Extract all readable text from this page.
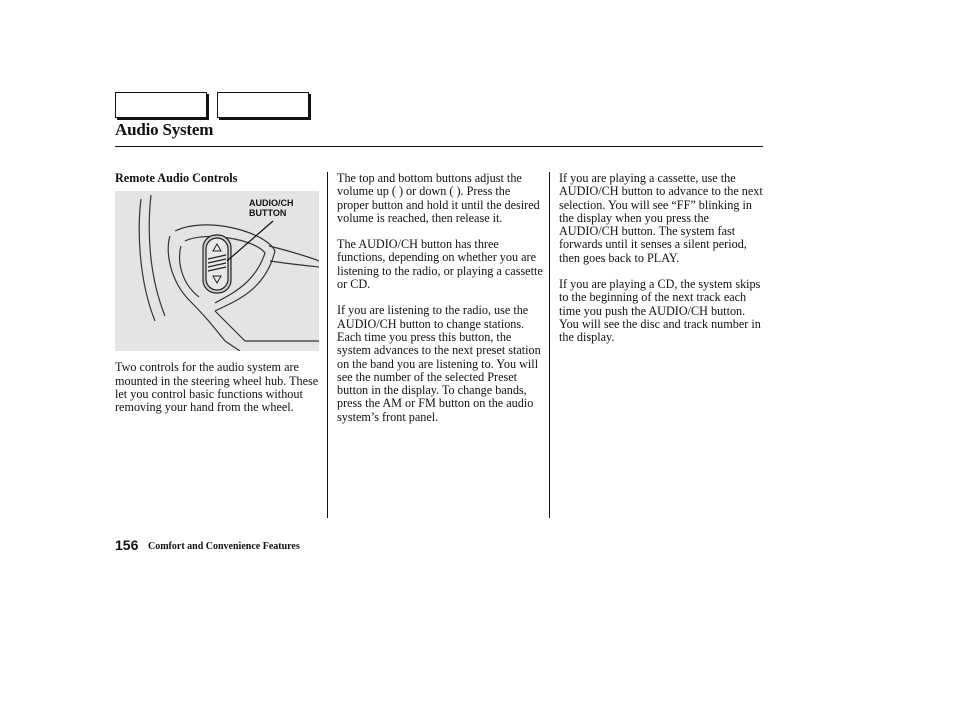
Audio System
Remote Audio Controls
AUDIO/CH
BUTTON

Two controls for the audio system are mounted in the steering wheel hub. These let you control basic functions without removing your hand from the wheel.

The top and bottom buttons adjust the volume up ( ) or down ( ). Press the proper button and hold it until the desired volume is reached, then release it.

The AUDIO/CH button has three functions, depending on whether you are listening to the radio, or playing a cassette or CD.

If you are listening to the radio, use the AUDIO/CH button to change stations. Each time you press this button, the system advances to the next preset station on the band you are listening to. You will see the number of the selected Preset button in the display. To change bands, press the AM or FM button on the audio system’s front panel.

If you are playing a cassette, use the AUDIO/CH button to advance to the next selection. You will see “FF” blinking in the display when you press the AUDIO/CH button. The system fast forwards until it senses a silent period, then goes back to PLAY.

If you are playing a CD, the system skips to the beginning of the next track each time you push the AUDIO/CH button. You will see the disc and track number in the display.

156 Comfort and Convenience Features
